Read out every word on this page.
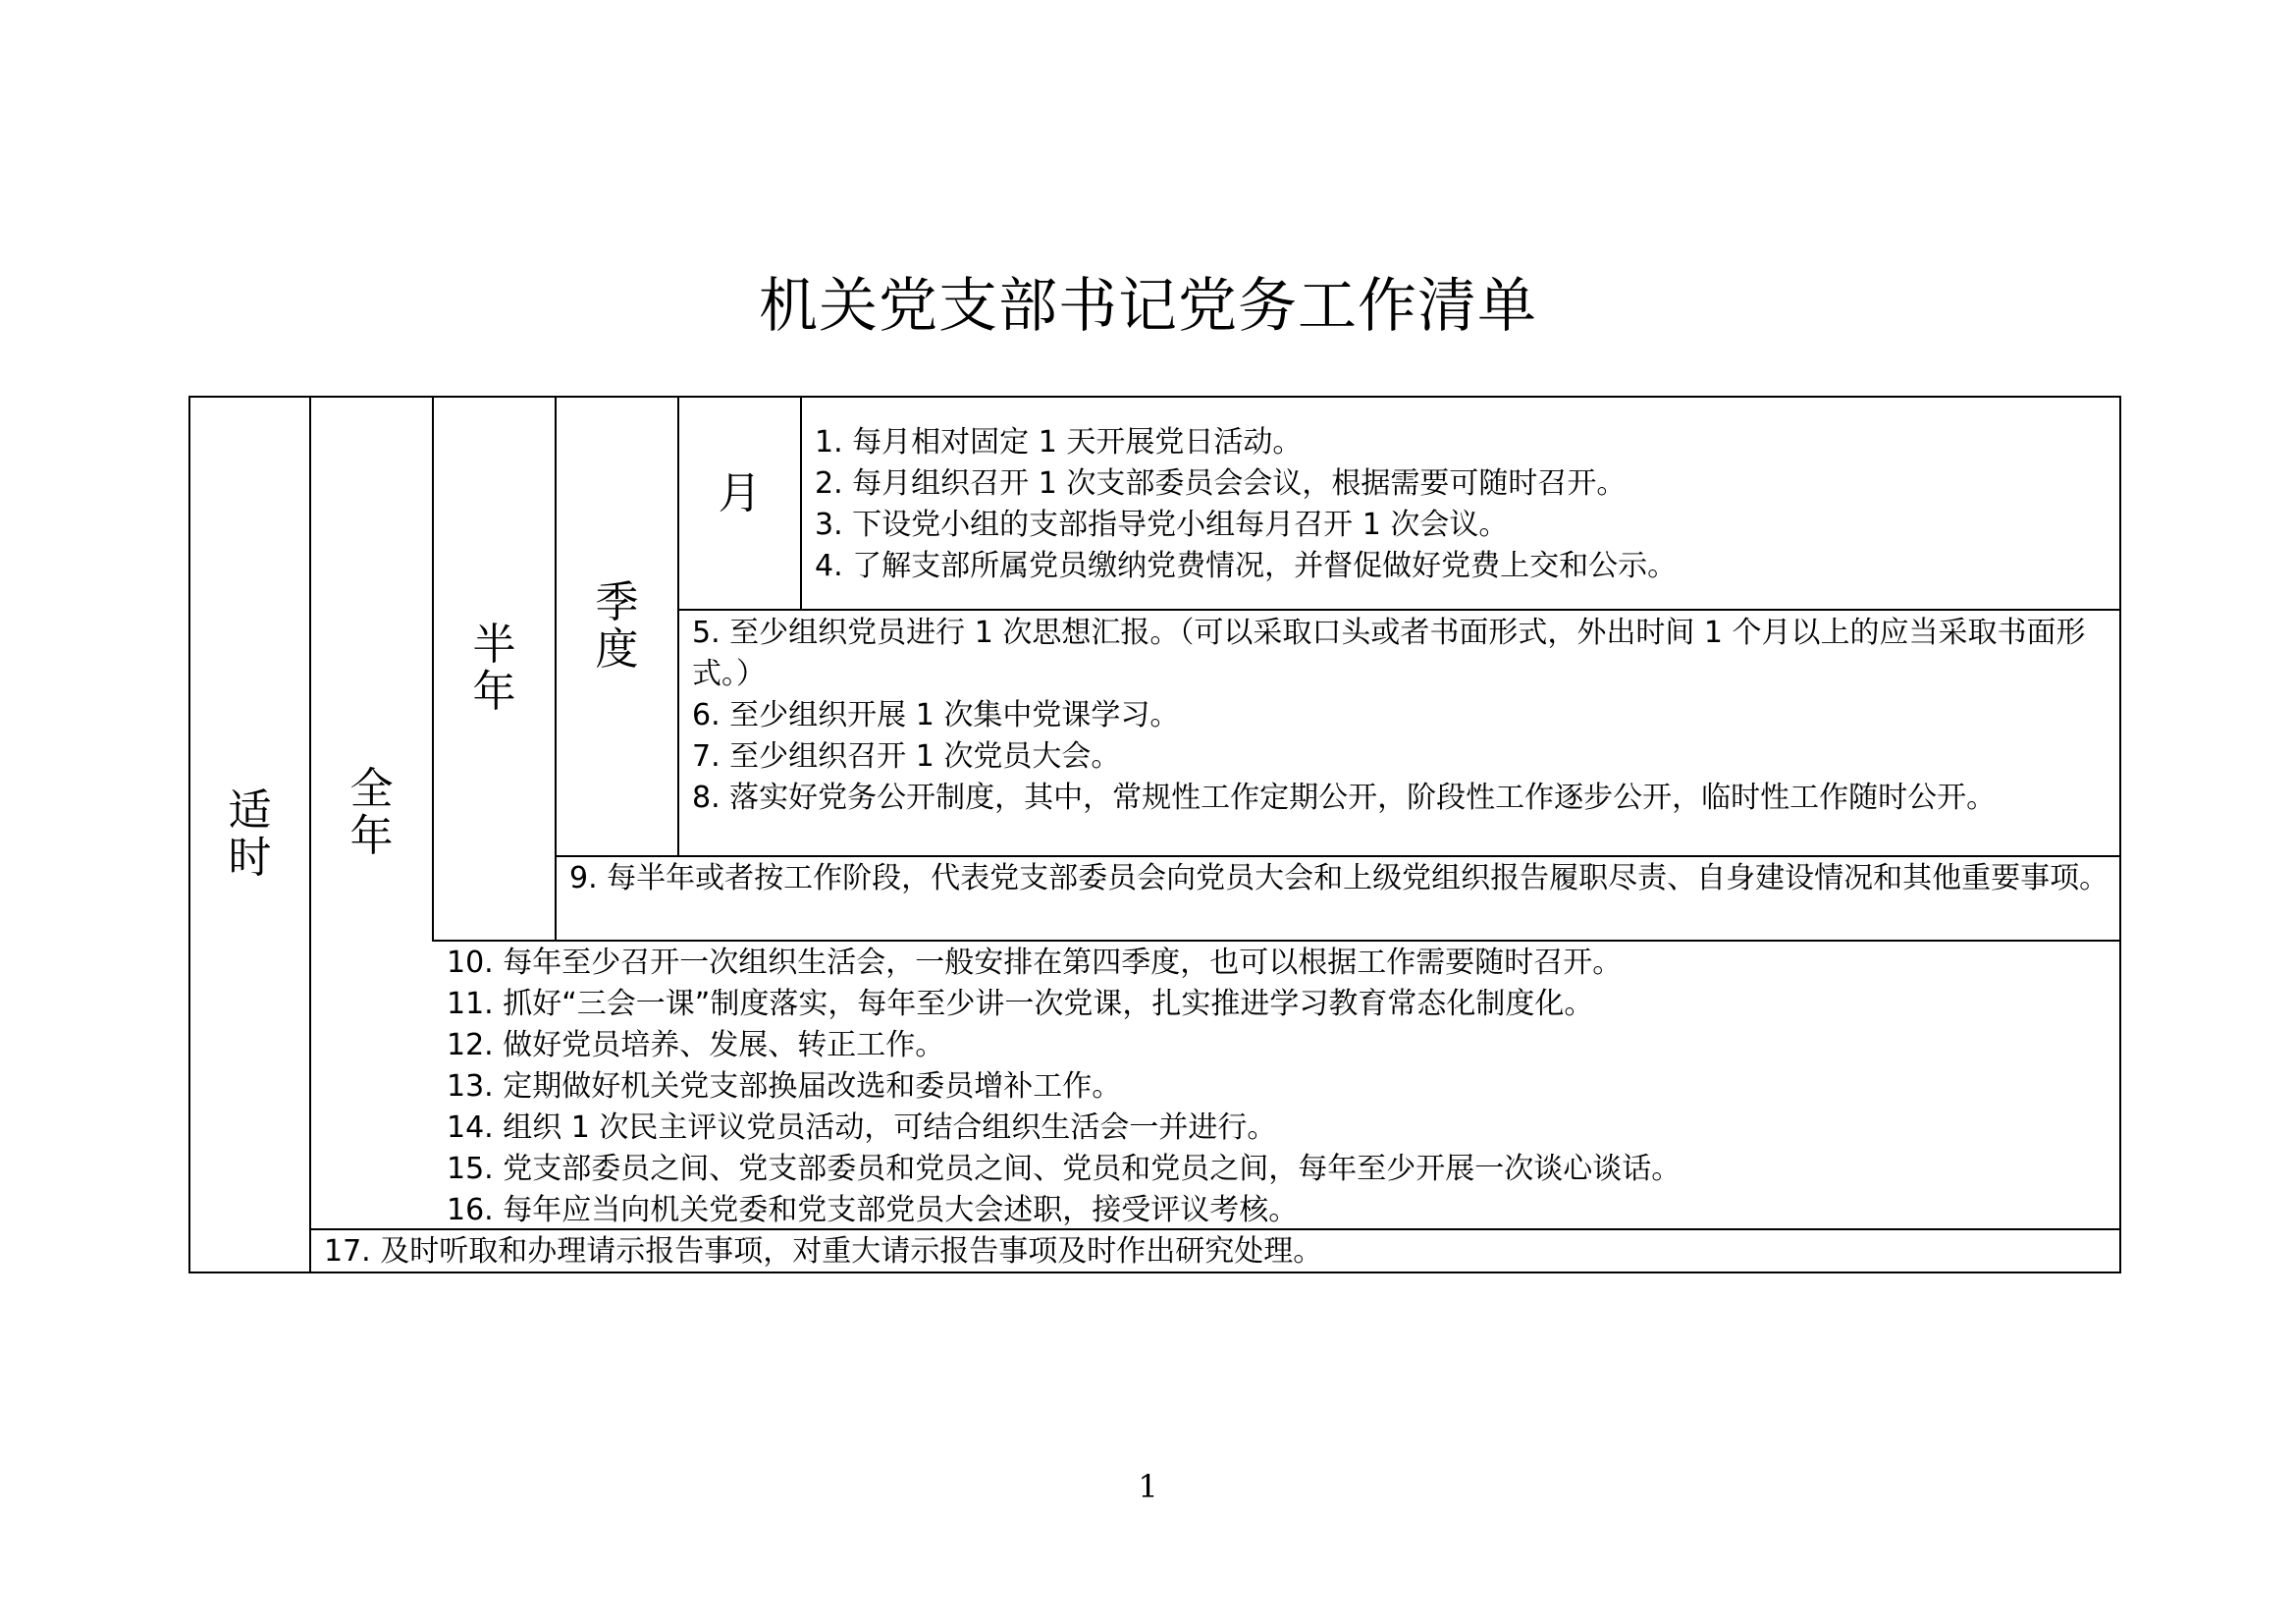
机关党支部书记党务工作清单
适时
全年
半年
季度
月
1. 每月相对固定 1 天开展党日活动。
2. 每月组织召开 1 次支部委员会会议，根据需要可随时召开。
3. 下设党小组的支部指导党小组每月召开 1 次会议。
4. 了解支部所属党员缴纳党费情况，并督促做好党费上交和公示。
5. 至少组织党员进行 1 次思想汇报。（可以采取口头或者书面形式，外出时间 1 个月以上的应当采取书面形式。）
6. 至少组织开展 1 次集中党课学习。
7. 至少组织召开 1 次党员大会。
8. 落实好党务公开制度，其中，常规性工作定期公开，阶段性工作逐步公开，临时性工作随时公开。
9. 每半年或者按工作阶段，代表党支部委员会向党员大会和上级党组织报告履职尽责、自身建设情况和其他重要事项。
10. 每年至少召开一次组织生活会，一般安排在第四季度，也可以根据工作需要随时召开。
11. 抓好“三会一课”制度落实，每年至少讲一次党课，扎实推进学习教育常态化制度化。
12. 做好党员培养、发展、转正工作。
13. 定期做好机关党支部换届改选和委员增补工作。
14. 组织 1 次民主评议党员活动，可结合组织生活会一并进行。
15. 党支部委员之间、党支部委员和党员之间、党员和党员之间，每年至少开展一次谈心谈话。
16. 每年应当向机关党委和党支部党员大会述职，接受评议考核。
17. 及时听取和办理请示报告事项，对重大请示报告事项及时作出研究处理。
1
